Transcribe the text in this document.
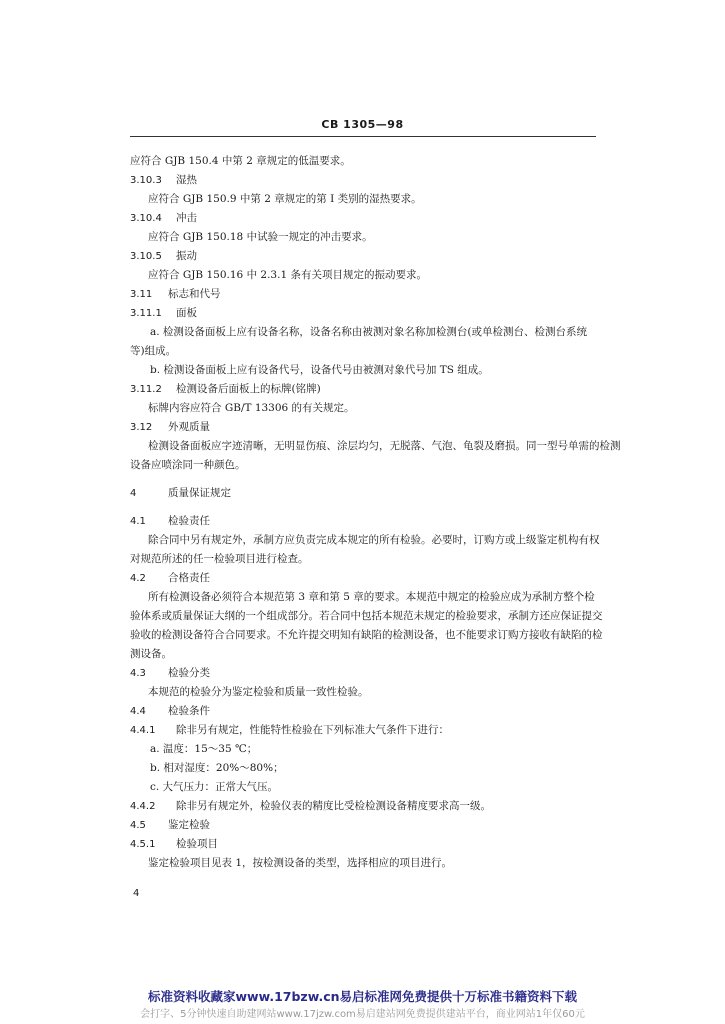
CB 1305—98
应符合 GJB 150.4 中第 2 章规定的低温要求。
3.10.3 湿热
应符合 GJB 150.9 中第 2 章规定的第 I 类别的湿热要求。
3.10.4 冲击
应符合 GJB 150.18 中试验一规定的冲击要求。
3.10.5 振动
应符合 GJB 150.16 中 2.3.1 条有关项目规定的振动要求。
3.11 标志和代号
3.11.1 面板
a. 检测设备面板上应有设备名称，设备名称由被测对象名称加检测台(或单检测台、检测台系统
等)组成。
b. 检测设备面板上应有设备代号，设备代号由被测对象代号加 TS 组成。
3.11.2 检测设备后面板上的标牌(铭牌)
标牌内容应符合 GB/T 13306 的有关规定。
3.12 外观质量
检测设备面板应字迹清晰，无明显伤痕、涂层均匀，无脱落、气泡、龟裂及磨损。同一型号单需的检测
设备应喷涂同一种颜色。
4	质量保证规定
4.1 检验责任
除合同中另有规定外，承制方应负责完成本规定的所有检验。必要时，订购方或上级鉴定机构有权
对规范所述的任一检验项目进行检查。
4.2 合格责任
所有检测设备必须符合本规范第 3 章和第 5 章的要求。本规范中规定的检验应成为承制方整个检
验体系或质量保证大纲的一个组成部分。若合同中包括本规范未规定的检验要求，承制方还应保证提交
验收的检测设备符合合同要求。不允许提交明知有缺陷的检测设备，也不能要求订购方接收有缺陷的检
测设备。
4.3 检验分类
本规范的检验分为鉴定检验和质量一致性检验。
4.4 检验条件
4.4.1 除非另有规定，性能特性检验在下列标准大气条件下进行：
a. 温度：15～35 ℃；
b. 相对湿度：20%～80%；
c. 大气压力：正常大气压。
4.4.2 除非另有规定外，检验仪表的精度比受检检测设备精度要求高一级。
4.5 鉴定检验
4.5.1 检验项目
鉴定检验项目见表 1，按检测设备的类型，选择相应的项目进行。
4
标准资料收藏家www.17bzw.cn易启标准网免费提供十万标准书籍资料下载
会打字、5分钟快速自助建网站www.17jzw.com易启建站网免费提供建站平台，商业网站1年仅60元
